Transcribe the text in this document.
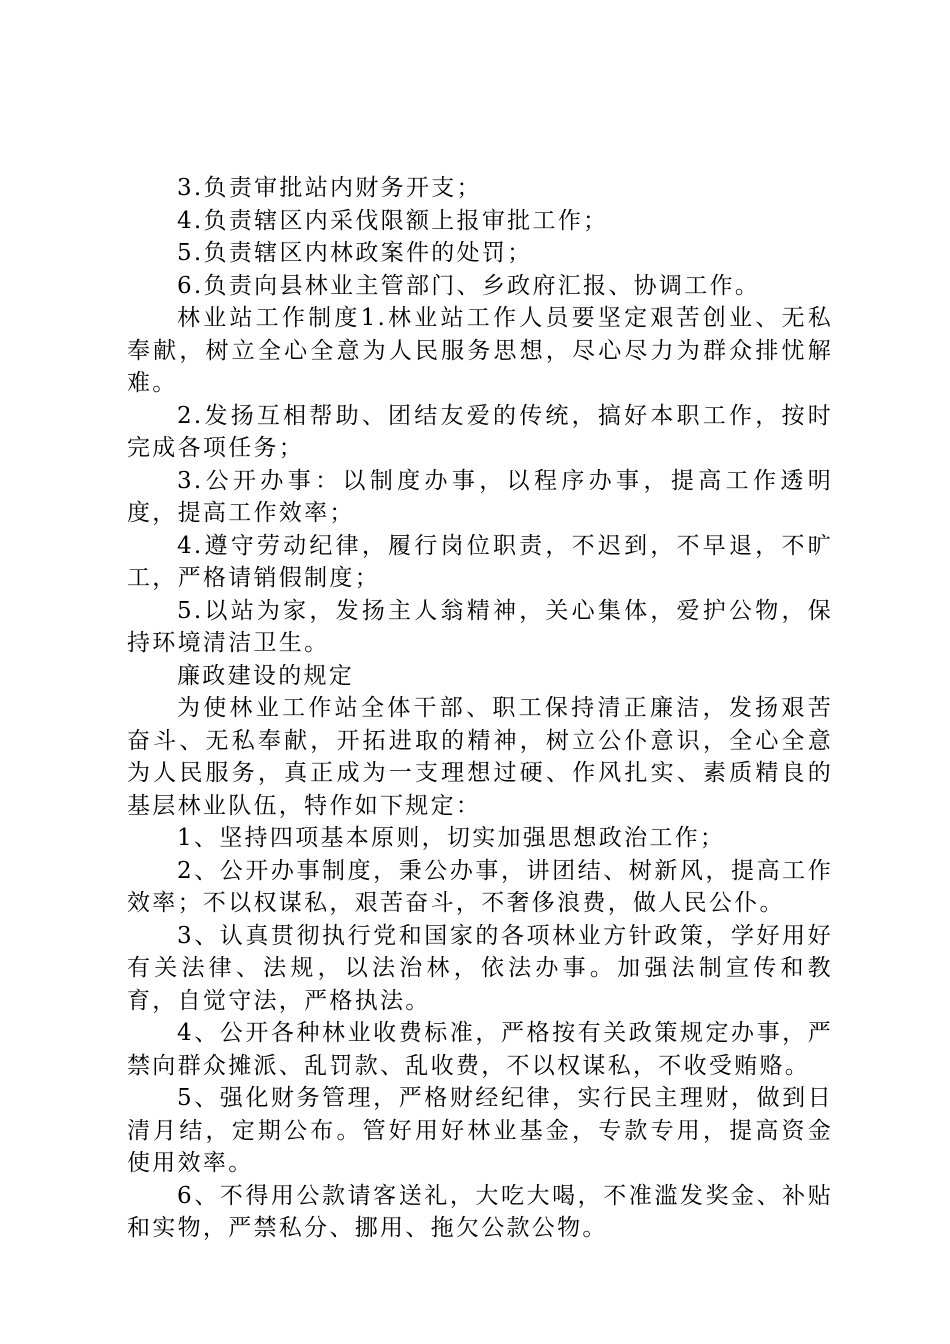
3.负责审批站内财务开支；

4.负责辖区内采伐限额上报审批工作；

5.负责辖区内林政案件的处罚；

6.负责向县林业主管部门、乡政府汇报、协调工作。

林业站工作制度1.林业站工作人员要坚定艰苦创业、无私奉献，树立全心全意为人民服务思想，尽心尽力为群众排忧解难。

2.发扬互相帮助、团结友爱的传统，搞好本职工作，按时完成各项任务；

3.公开办事：以制度办事，以程序办事，提高工作透明度，提高工作效率；

4.遵守劳动纪律，履行岗位职责，不迟到，不早退，不旷工，严格请销假制度；

5.以站为家，发扬主人翁精神，关心集体，爱护公物，保持环境清洁卫生。

廉政建设的规定

为使林业工作站全体干部、职工保持清正廉洁，发扬艰苦奋斗、无私奉献，开拓进取的精神，树立公仆意识，全心全意为人民服务，真正成为一支理想过硬、作风扎实、素质精良的基层林业队伍，特作如下规定：

1、坚持四项基本原则，切实加强思想政治工作；

2、公开办事制度，秉公办事，讲团结、树新风，提高工作效率；不以权谋私，艰苦奋斗，不奢侈浪费，做人民公仆。

3、认真贯彻执行党和国家的各项林业方针政策，学好用好有关法律、法规，以法治林，依法办事。加强法制宣传和教育，自觉守法，严格执法。

4、公开各种林业收费标准，严格按有关政策规定办事，严禁向群众摊派、乱罚款、乱收费，不以权谋私，不收受贿赂。

5、强化财务管理，严格财经纪律，实行民主理财，做到日清月结，定期公布。管好用好林业基金，专款专用，提高资金使用效率。

6、不得用公款请客送礼，大吃大喝，不准滥发奖金、补贴和实物，严禁私分、挪用、拖欠公款公物。
